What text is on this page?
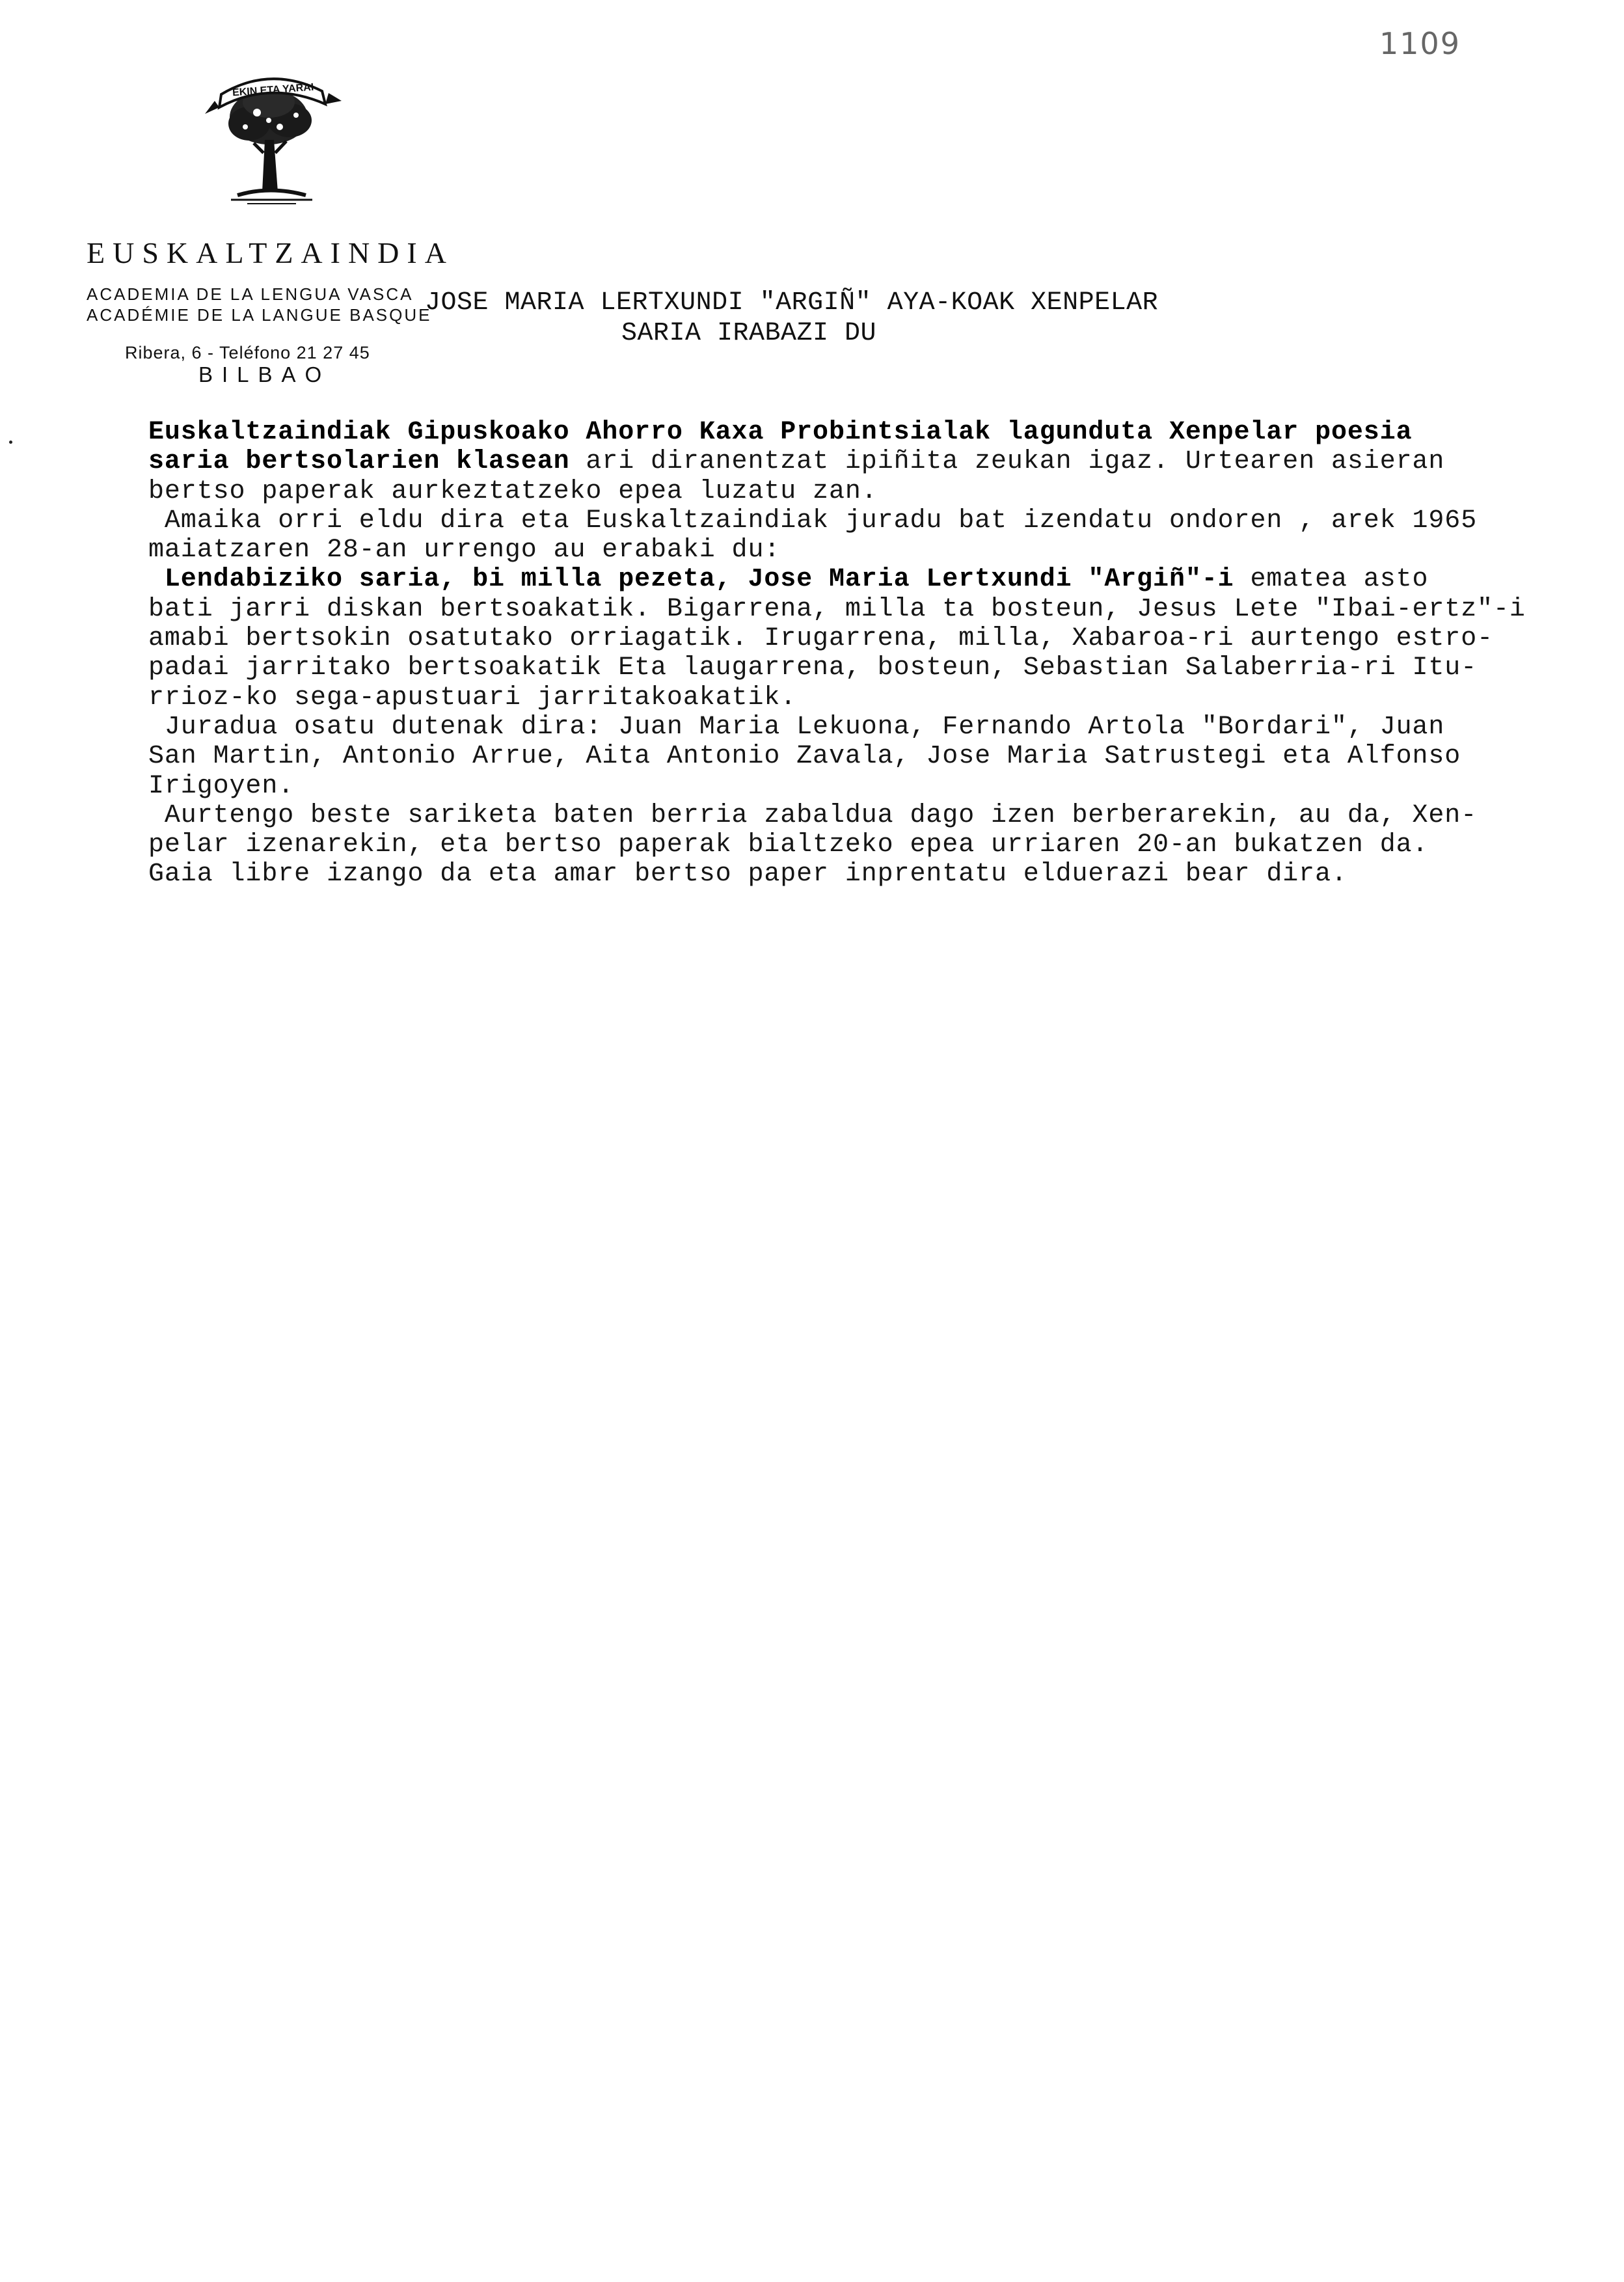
1109
EKIN ETA YARAI
EUSKALTZAINDIA
ACADEMIA DE LA LENGUA VASCA
ACADÉMIE DE LA LANGUE BASQUE
Ribera, 6 - Teléfono 21 27 45
BILBAO
JOSE MARIA LERTXUNDI "ARGIÑ" AYA-KOAK XENPELAR
SARIA IRABAZI DU
Euskaltzaindiak Gipuskoako Ahorro Kaxa Probintsialak lagunduta Xenpelar poesia
saria bertsolarien klasean ari diranentzat ipiñita zeukan igaz. Urtearen asieran
bertso paperak aurkeztatzeko epea luzatu zan.
Amaika orri eldu dira eta Euskaltzaindiak juradu bat izendatu ondoren , arek 1965
maiatzaren 28-an urrengo au erabaki du:
Lendabiziko saria, bi milla pezeta, Jose Maria Lertxundi "Argiñ"-i ematea asto
bati jarri diskan bertsoakatik. Bigarrena, milla ta bosteun, Jesus Lete "Ibai-ertz"-i
amabi bertsokin osatutako orriagatik. Irugarrena, milla, Xabaroa-ri aurtengo estro-
padai jarritako bertsoakatik Eta laugarrena, bosteun, Sebastian Salaberria-ri Itu-
rrioz-ko sega-apustuari jarritakoakatik.
Juradua osatu dutenak dira: Juan Maria Lekuona, Fernando Artola "Bordari", Juan
San Martin, Antonio Arrue, Aita Antonio Zavala, Jose Maria Satrustegi eta Alfonso
Irigoyen.
Aurtengo beste sariketa baten berria zabaldua dago izen berberarekin, au da, Xen-
pelar izenarekin, eta bertso paperak bialtzeko epea urriaren 20-an bukatzen da.
Gaia libre izango da eta amar bertso paper inprentatu elduerazi bear dira.
